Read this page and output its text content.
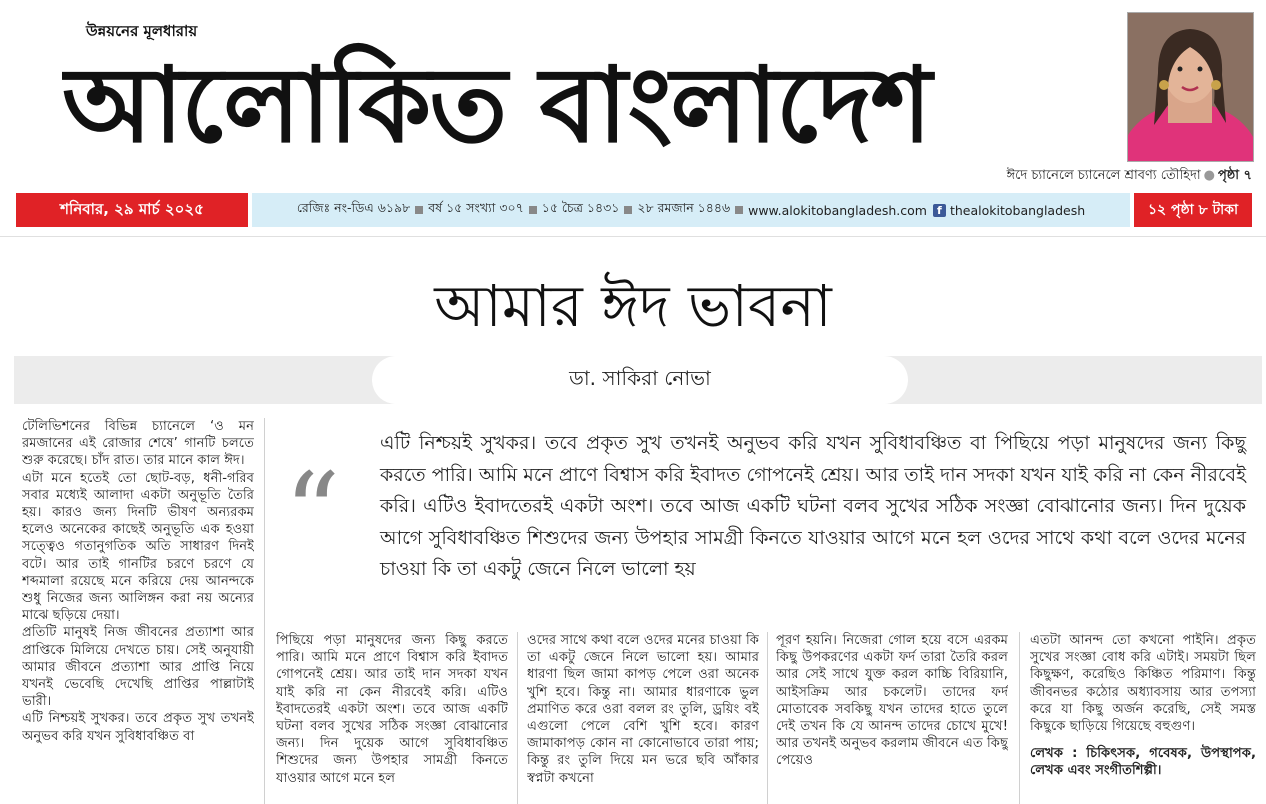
উন্নয়নের মূলধারায়
আলোকিত বাংলাদেশ
ঈদে চ্যানেলে চ্যানেলে শ্রাবণ্য তৌহিদা ● পৃষ্ঠা ৭
শনিবার, ২৯ মার্চ ২০২৫	রেজিঃ নং-ডিএ ৬১৯৮ বর্ষ ১৫ সংখ্যা ৩০৭ ১৫ চৈত্র ১৪৩১ ২৮ রমজান ১৪৪৬ www.alokitobangladesh.com f thealokitobangladesh	১২ পৃষ্ঠা ৮ টাকা
আমার ঈদ ভাবনা
ডা. সাকিরা নোভা

টেলিভিশনের বিভিন্ন চ্যানেলে ‘ও মন রমজানের এই রোজার শেষে’ গানটি চলতে শুরু করেছে। চাঁদ রাত। তার মানে কাল ঈদ।

এটা মনে হতেই তো ছোট-বড়, ধনী-গরিব সবার মধ্যেই আলাদা একটা অনুভূতি তৈরি হয়। কারও জন্য দিনটি ভীষণ অন্যরকম হলেও অনেকের কাছেই অনুভূতি এক হওয়া সত্ত্বেও গতানুগতিক অতি সাধারণ দিনই বটে। আর তাই গানটির চরণে চরণে যে শব্দমালা রয়েছে মনে করিয়ে দেয় আনন্দকে শুধু নিজের জন্য আলিঙ্গন করা নয় অন্যের মাঝে ছড়িয়ে দেয়া।

প্রতিটি মানুষই নিজ জীবনের প্রত্যাশা আর প্রাপ্তিকে মিলিয়ে দেখতে চায়। সেই অনুযায়ী আমার জীবনে প্রত্যাশা আর প্রাপ্তি নিয়ে যখনই ভেবেছি দেখেছি প্রাপ্তির পাল্লাটাই ভারী।

এটি নিশ্চয়ই সুখকর। তবে প্রকৃত সুখ তখনই অনুভব করি যখন সুবিধাবঞ্চিত বা

“
এটি নিশ্চয়ই সুখকর। তবে প্রকৃত সুখ তখনই অনুভব করি যখন সুবিধাবঞ্চিত বা পিছিয়ে পড়া মানুষদের জন্য কিছু করতে পারি। আমি মনে প্রাণে বিশ্বাস করি ইবাদত গোপনেই শ্রেয়। আর তাই দান সদকা যখন যাই করি না কেন নীরবেই করি। এটিও ইবাদতেরই একটা অংশ। তবে আজ একটি ঘটনা বলব সুখের সঠিক সংজ্ঞা বোঝানোর জন্য। দিন দুয়েক আগে সুবিধাবঞ্চিত শিশুদের জন্য উপহার সামগ্রী কিনতে যাওয়ার আগে মনে হল ওদের সাথে কথা বলে ওদের মনের চাওয়া কি তা একটু জেনে নিলে ভালো হয়

পিছিয়ে পড়া মানুষদের জন্য কিছু করতে পারি। আমি মনে প্রাণে বিশ্বাস করি ইবাদত গোপনেই শ্রেয়। আর তাই দান সদকা যখন যাই করি না কেন নীরবেই করি। এটিও ইবাদতেরই একটা অংশ। তবে আজ একটি ঘটনা বলব সুখের সঠিক সংজ্ঞা বোঝানোর জন্য। দিন দুয়েক আগে সুবিধাবঞ্চিত শিশুদের জন্য উপহার সামগ্রী কিনতে যাওয়ার আগে মনে হল

ওদের সাথে কথা বলে ওদের মনের চাওয়া কি তা একটু জেনে নিলে ভালো হয়। আমার ধারণা ছিল জামা কাপড় পেলে ওরা অনেক খুশি হবে। কিন্তু না। আমার ধারণাকে ভুল প্রমাণিত করে ওরা বলল রং তুলি, ড্রয়িং বই এগুলো পেলে বেশি খুশি হবে। কারণ জামাকাপড় কোন না কোনোভাবে তারা পায়; কিন্তু রং তুলি দিয়ে মন ভরে ছবি আঁকার স্বপ্নটা কখনো

পূরণ হয়নি। নিজেরা গোল হয়ে বসে এরকম কিছু উপকরণের একটা ফর্দ তারা তৈরি করল আর সেই সাথে যুক্ত করল কাচ্চি বিরিয়ানি, আইসক্রিম আর চকলেট। তাদের ফর্দ মোতাবেক সবকিছু যখন তাদের হাতে তুলে দেই তখন কি যে আনন্দ তাদের চোখে মুখে! আর তখনই অনুভব করলাম জীবনে এত কিছু পেয়েও

এতটা আনন্দ তো কখনো পাইনি। প্রকৃত সুখের সংজ্ঞা বোধ করি এটাই। সময়টা ছিল কিছুক্ষণ, করেছিও কিঞ্চিত পরিমাণ। কিন্তু জীবনভর কঠোর অধ্যাবসায় আর তপস্যা করে যা কিছু অর্জন করেছি, সেই সমস্ত কিছুকে ছাড়িয়ে গিয়েছে বহুগুণ।

লেখক : চিকিৎসক, গবেষক, উপস্থাপক, লেখক এবং সংগীতশিল্পী।
